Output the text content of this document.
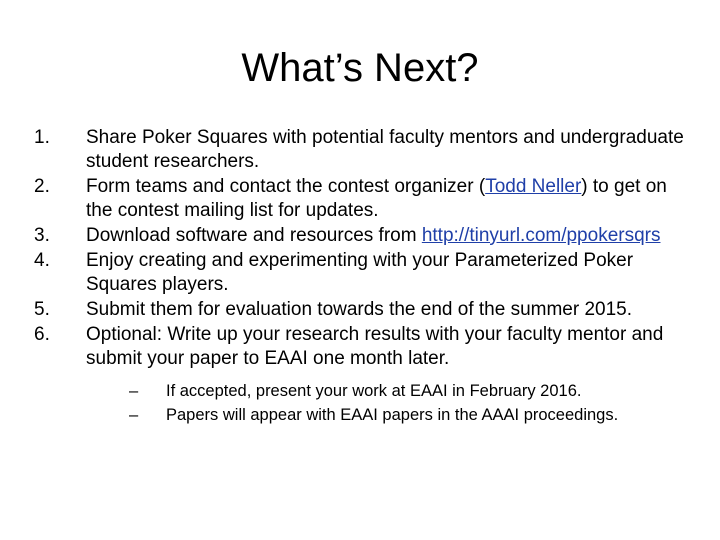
What’s Next?
1. Share Poker Squares with potential faculty mentors and undergraduate student researchers.
2. Form teams and contact the contest organizer (Todd Neller) to get on the contest mailing list for updates.
3. Download software and resources from http://tinyurl.com/ppokersqrs
4. Enjoy creating and experimenting with your Parameterized Poker Squares players.
5. Submit them for evaluation towards the end of the summer 2015.
6. Optional: Write up your research results with your faculty mentor and submit your paper to EAAI one month later.
– If accepted, present your work at EAAI in February 2016.
– Papers will appear with EAAI papers in the AAAI proceedings.
